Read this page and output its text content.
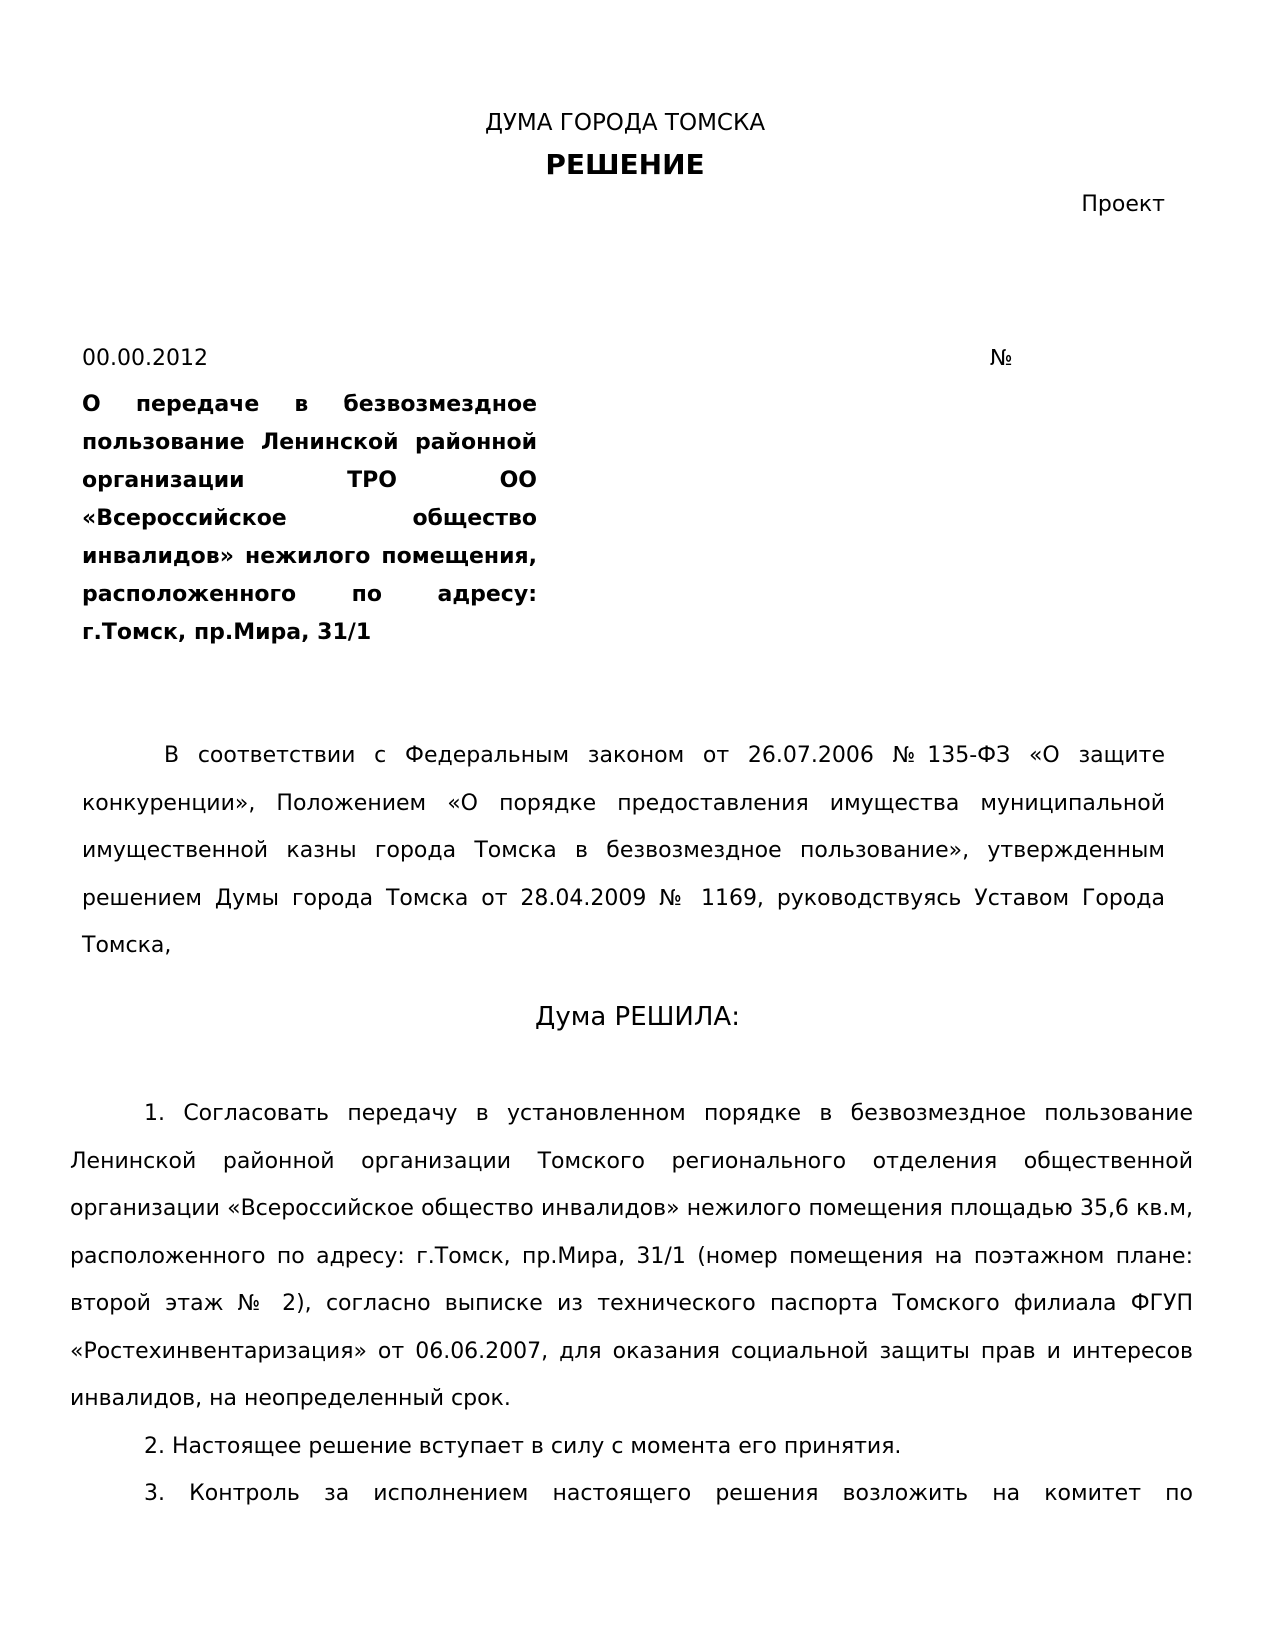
ДУМА ГОРОДА ТОМСКА
РЕШЕНИЕ
Проект
00.00.2012	№
О передаче в безвозмездное пользование Ленинской районной организации ТРО ОО «Всероссийское общество инвалидов» нежилого помещения, расположенного по адресу: г.Томск, пр.Мира, 31/1

В соответствии с Федеральным законом от 26.07.2006 №135-ФЗ «О защите конкуренции», Положением «О порядке предоставления имущества муниципальной имущественной казны города Томска в безвозмездное пользование», утвержденным решением Думы города Томска от 28.04.2009 № 1169, руководствуясь Уставом Города Томска,

Дума РЕШИЛА:
1. Согласовать передачу в установленном порядке в безвозмездное пользование Ленинской районной организации Томского регионального отделения общественной организации «Всероссийское общество инвалидов» нежилого помещения площадью 35,6 кв.м, расположенного по адресу: г.Томск, пр.Мира, 31/1 (номер помещения на поэтажном плане: второй этаж № 2), согласно выписке из технического паспорта Томского филиала ФГУП «Ростехинвентаризация» от 06.06.2007, для оказания социальной защиты прав и интересов инвалидов, на неопределенный срок.
2. Настоящее решение вступает в силу с момента его принятия.
3. Контроль за исполнением настоящего решения возложить на комитет по
